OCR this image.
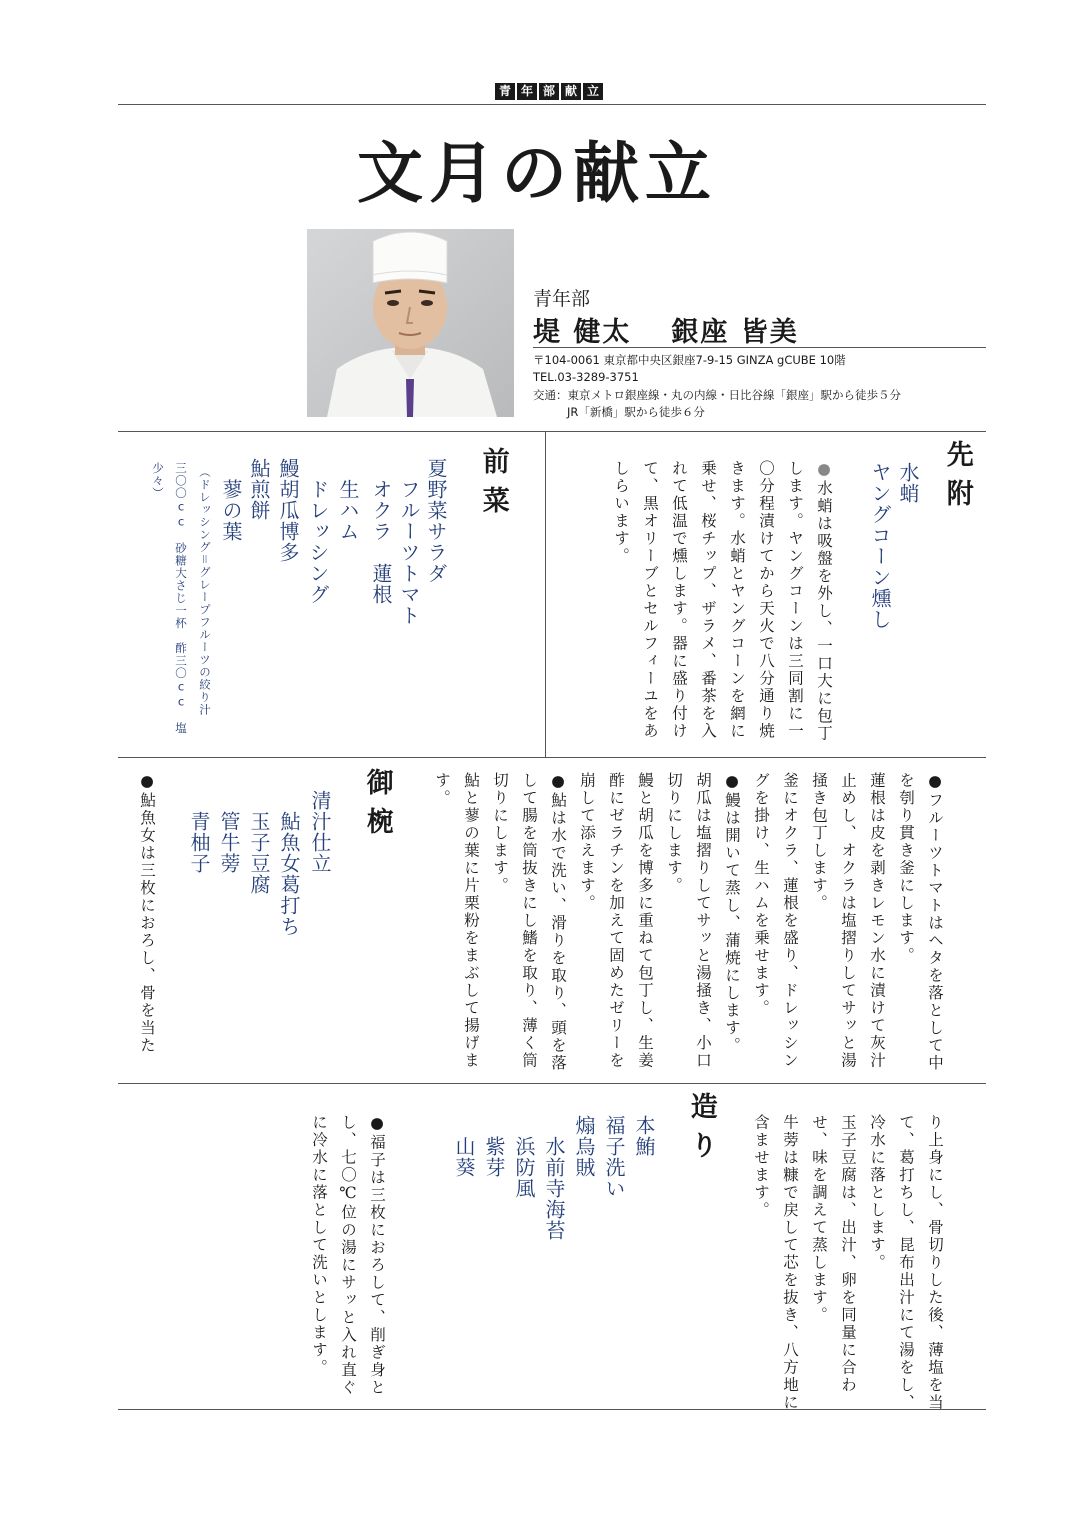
青 年 部 献 立
文月の献立
青年部
堤 健太 銀座 皆美
〒104-0061 東京都中央区銀座7-9-15 GINZA gCUBE 10階
TEL.03-3289-3751
交通：東京メトロ銀座線・丸の内線・日比谷線「銀座」駅から徒歩５分
JR「新橋」駅から徒歩６分
先附
水蛸
ヤングコーン燻し
●水蛸は吸盤を外し、一口大に包丁します。ヤングコーンは三同割に一〇分程漬けてから天火で八分通り焼きます。水蛸とヤングコーンを網に乗せ、桜チップ、ザラメ、番茶を入れて低温で燻します。器に盛り付けて、黒オリーブとセルフィーユをあしらいます。
前菜
夏野菜サラダ
　フルーツトマト
　オクラ　蓮根
　生ハム
　ドレッシング
鰻胡瓜博多
鮎煎餅
　蓼の葉
（ドレッシング＝グレープフルーツの絞り汁
三〇〇cc　砂糖大さじ一杯　酢三〇cc　塩
少々）
●フルーツトマトはヘタを落として中を刳り貫き釜にします。
蓮根は皮を剥きレモン水に漬けて灰汁止めし、オクラは塩摺りしてサッと湯掻き包丁します。
釜にオクラ、蓮根を盛り、ドレッシングを掛け、生ハムを乗せます。
●鰻は開いて蒸し、蒲焼にします。
胡瓜は塩摺りしてサッと湯掻き、小口切りにします。
鰻と胡瓜を博多に重ねて包丁し、生姜酢にゼラチンを加えて固めたゼリーを崩して添えます。
●鮎は水で洗い、滑りを取り、頭を落して腸を筒抜きにし鰭を取り、薄く筒切りにします。
鮎と蓼の葉に片栗粉をまぶして揚げます。
御椀
清汁仕立
　鮎魚女葛打ち
　玉子豆腐
　管牛蒡
　青柚子
●鮎魚女は三枚におろし、骨を当た
り上身にし、骨切りした後、薄塩を当て、葛打ちし、昆布出汁にて湯をし、冷水に落とします。
玉子豆腐は、出汁、卵を同量に合わせ、味を調えて蒸します。
牛蒡は糠で戻して芯を抜き、八方地に含ませます。
造り
本鮪
福子洗い
煽烏賊
　水前寺海苔
　浜防風
　紫芽
　山葵
●福子は三枚におろして、削ぎ身とし、七〇℃位の湯にサッと入れ直ぐに冷水に落として洗いとします。
